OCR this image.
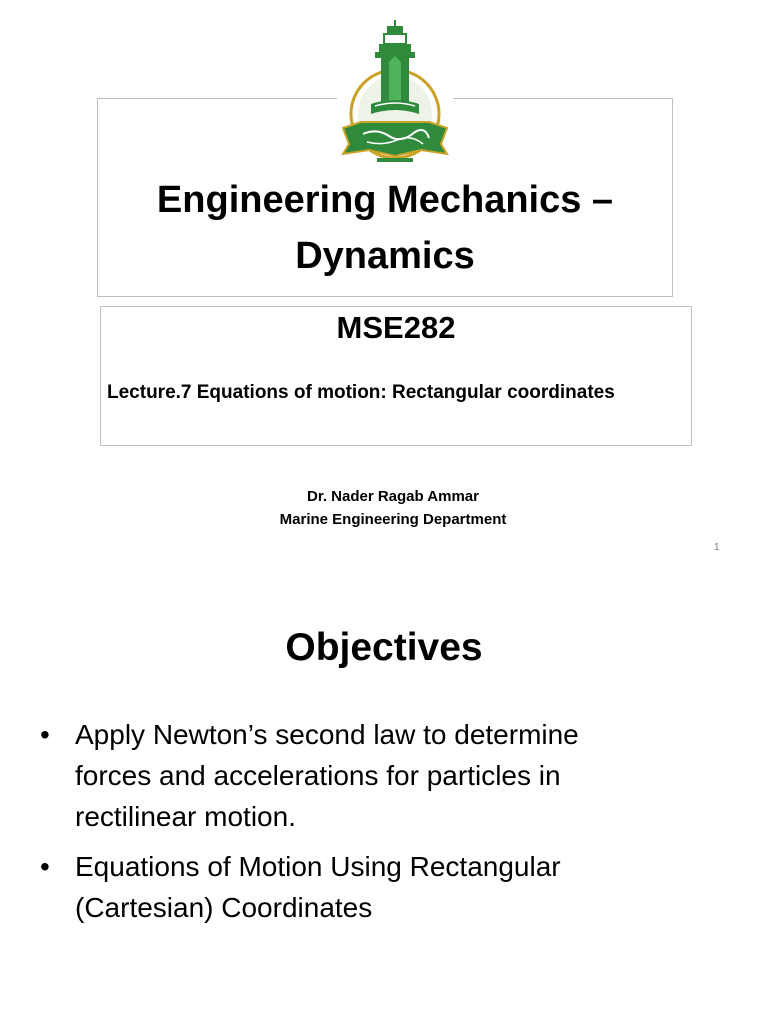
Engineering Mechanics –
Dynamics
MSE282
Lecture.7 Equations of motion: Rectangular coordinates
Dr. Nader Ragab Ammar
Marine Engineering Department
1
Objectives
• Apply Newton’s second law to determine
forces and accelerations for particles in
rectilinear motion.
• Equations of Motion Using Rectangular
(Cartesian) Coordinates
